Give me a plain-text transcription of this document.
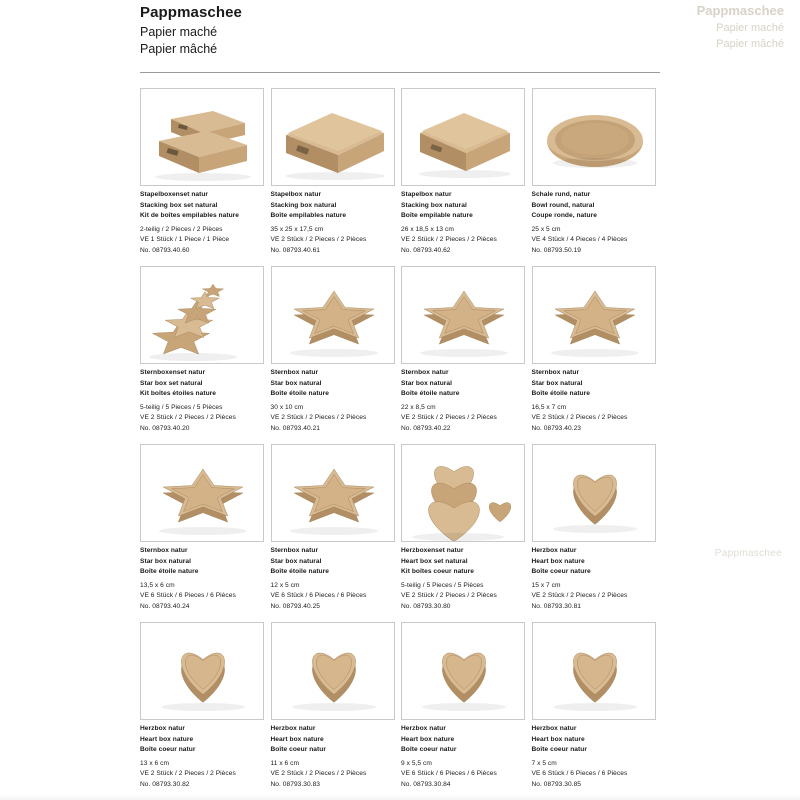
Pappmaschee
Papier maché
Papier mâché
Pappmaschee
Pappmaschee

Papier maché

Papier mâché

Stapelboxenset natur
Stacking box set natural
Kit de boîtes empilables nature
2-teilig / 2 Pieces / 2 Pièces
VE 1 Stück / 1 Piece / 1 Pièce
No. 08793.40.60
Stapelbox natur
Stacking box natural
Boîte empilables nature
35 x 25 x 17,5 cm
VE 2 Stück / 2 Pieces / 2 Pièces
No. 08793.40.61
Stapelbox natur
Stacking box natural
Boîte empilable nature
26 x 18,5 x 13 cm
VE 2 Stück / 2 Pieces / 2 Pièces
No. 08793.40.62
Schale rund, natur
Bowl round, natural
Coupe ronde, nature
25 x 5 cm
VE 4 Stück / 4 Pieces / 4 Pièces
No. 08793.50.19
Sternboxenset natur
Star box set natural
Kit boîtes étoiles nature
5-teilig / 5 Pieces / 5 Pièces
VE 2 Stück / 2 Pieces / 2 Pièces
No. 08793.40.20
Sternbox natur
Star box natural
Boîte étoile nature
30 x 10 cm
VE 2 Stück / 2 Pieces / 2 Pièces
No. 08793.40.21
Sternbox natur
Star box natural
Boîte étoile nature
22 x 8,5 cm
VE 2 Stück / 2 Pieces / 2 Pièces
No. 08793.40.22
Sternbox natur
Star box natural
Boîte étoile nature
16,5 x 7 cm
VE 2 Stück / 2 Pieces / 2 Pièces
No. 08793.40.23
Sternbox natur
Star box natural
Boîte étoile nature
13,5 x 6 cm
VE 6 Stück / 6 Pieces / 6 Pièces
No. 08793.40.24
Sternbox natur
Star box natural
Boîte étoile nature
12 x 5 cm
VE 6 Stück / 6 Pieces / 6 Pièces
No. 08793.40.25
Herzboxenset natur
Heart box set natural
Kit boîtes coeur nature
5-teilig / 5 Pieces / 5 Pièces
VE 2 Stück / 2 Pieces / 2 Pièces
No. 08793.30.80
Herzbox natur
Heart box nature
Boîte coeur nature
15 x 7 cm
VE 2 Stück / 2 Pieces / 2 Pièces
No. 08793.30.81
Herzbox natur
Heart box nature
Boîte coeur natur
13 x 6 cm
VE 2 Stück / 2 Pieces / 2 Pièces
No. 08793.30.82
Herzbox natur
Heart box nature
Boîte coeur natur
11 x 6 cm
VE 2 Stück / 2 Pieces / 2 Pièces
No. 08793.30.83
Herzbox natur
Heart box nature
Boîte coeur natur
9 x 5,5 cm
VE 6 Stück / 6 Pieces / 6 Pièces
No. 08793.30.84
Herzbox natur
Heart box nature
Boîte coeur natur
7 x 5 cm
VE 6 Stück / 6 Pieces / 6 Pièces
No. 08793.30.85
